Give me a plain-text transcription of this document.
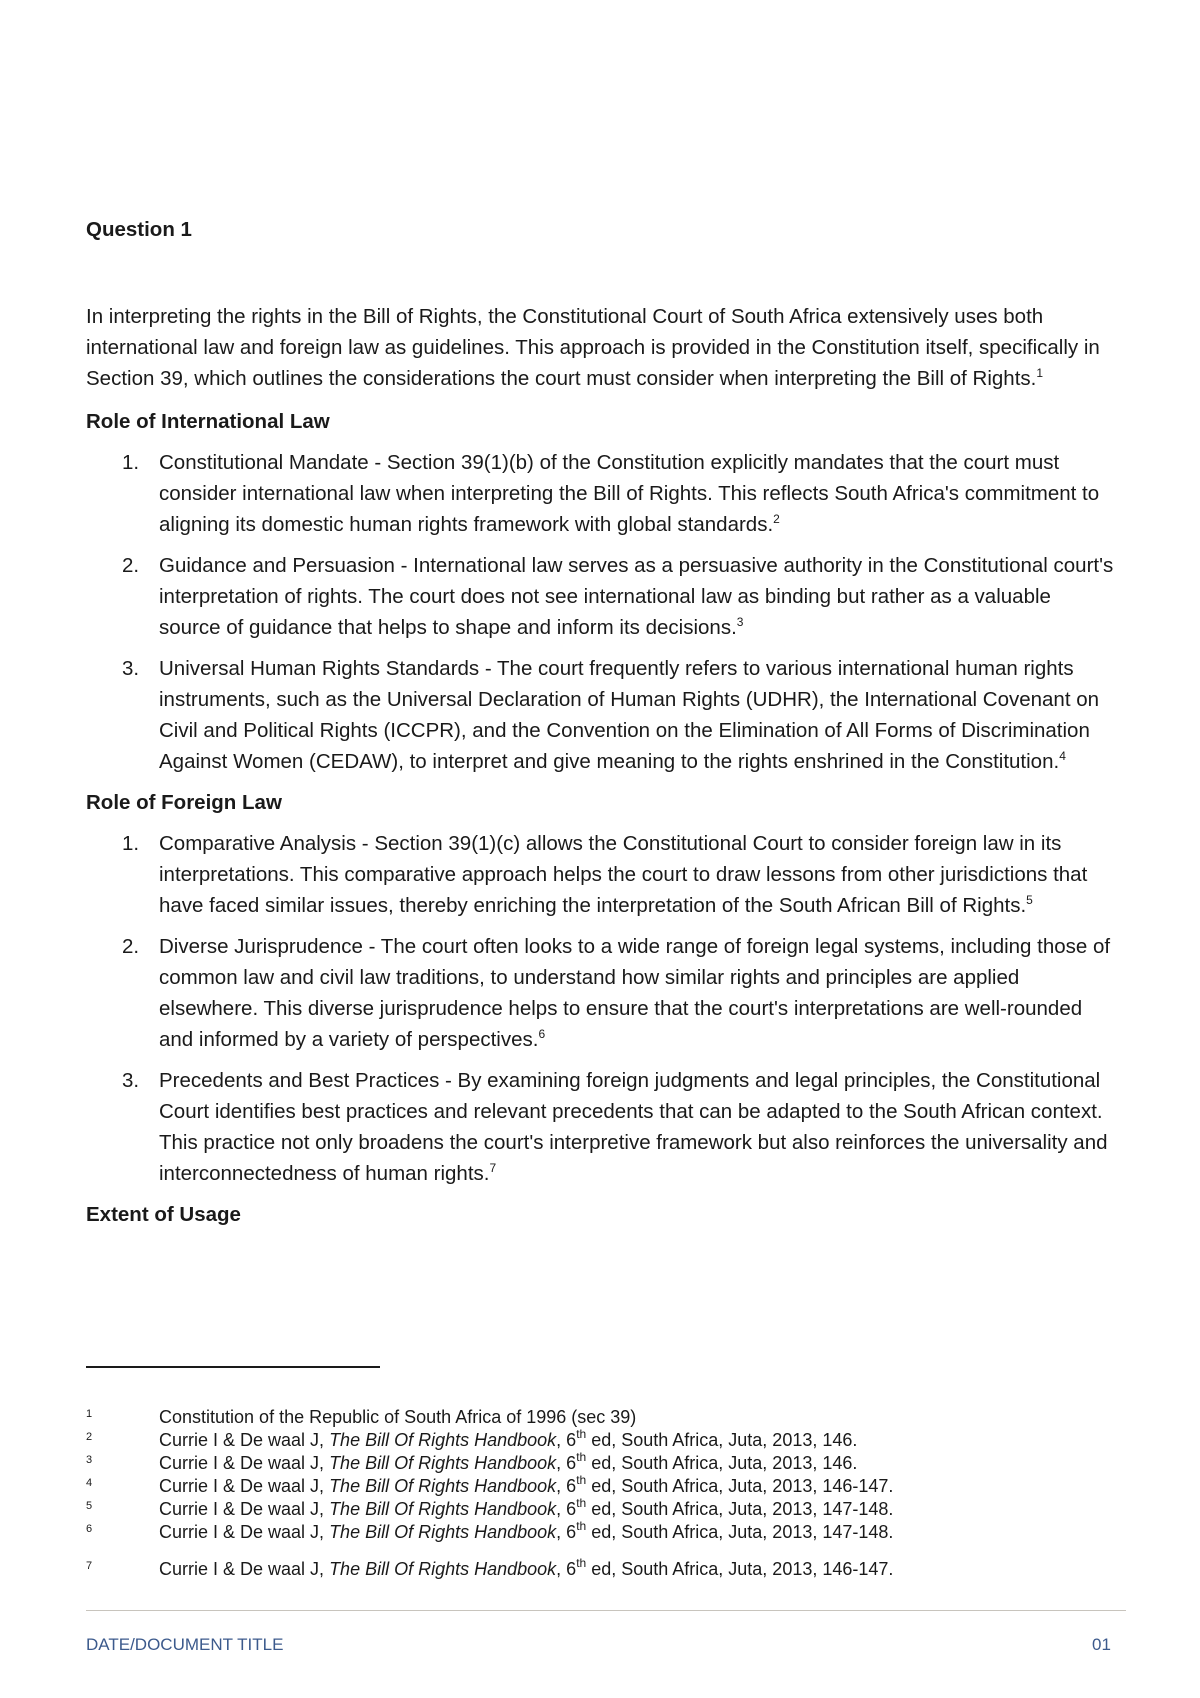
Question 1

In interpreting the rights in the Bill of Rights, the Constitutional Court of South Africa extensively uses both international law and foreign law as guidelines. This approach is provided in the Constitution itself, specifically in Section 39, which outlines the considerations the court must consider when interpreting the Bill of Rights.$^1$

Role of International Law

1. Constitutional Mandate - Section 39(1)(b) of the Constitution explicitly mandates that the court must consider international law when interpreting the Bill of Rights. This reflects South Africa's commitment to aligning its domestic human rights framework with global standards.$^2$
2. Guidance and Persuasion - International law serves as a persuasive authority in the Constitutional court's interpretation of rights. The court does not see international law as binding but rather as a valuable source of guidance that helps to shape and inform its decisions.$^3$
3. Universal Human Rights Standards - The court frequently refers to various international human rights instruments, such as the Universal Declaration of Human Rights (UDHR), the International Covenant on Civil and Political Rights (ICCPR), and the Convention on the Elimination of All Forms of Discrimination Against Women (CEDAW), to interpret and give meaning to the rights enshrined in the Constitution.$^4$

Role of Foreign Law

1. Comparative Analysis - Section 39(1)(c) allows the Constitutional Court to consider foreign law in its interpretations. This comparative approach helps the court to draw lessons from other jurisdictions that have faced similar issues, thereby enriching the interpretation of the South African Bill of Rights.$^5$
2. Diverse Jurisprudence - The court often looks to a wide range of foreign legal systems, including those of common law and civil law traditions, to understand how similar rights and principles are applied elsewhere. This diverse jurisprudence helps to ensure that the court's interpretations are well-rounded and informed by a variety of perspectives.$^6$
3. Precedents and Best Practices - By examining foreign judgments and legal principles, the Constitutional Court identifies best practices and relevant precedents that can be adapted to the South African context. This practice not only broadens the court's interpretive framework but also reinforces the universality and interconnectedness of human rights.$^7$

Extent of Usage

1	Constitution of the Republic of South Africa of 1996 (sec 39)
2	Currie I & De waal J, The Bill Of Rights Handbook, 6th ed, South Africa, Juta, 2013, 146.
3	Currie I & De waal J, The Bill Of Rights Handbook, 6th ed, South Africa, Juta, 2013, 146.
4	Currie I & De waal J, The Bill Of Rights Handbook, 6th ed, South Africa, Juta, 2013, 146-147.
5	Currie I & De waal J, The Bill Of Rights Handbook, 6th ed, South Africa, Juta, 2013, 147-148.
6	Currie I & De waal J, The Bill Of Rights Handbook, 6th ed, South Africa, Juta, 2013, 147-148.
7	Currie I & De waal J, The Bill Of Rights Handbook, 6th ed, South Africa, Juta, 2013, 146-147.
DATE/DOCUMENT TITLE	01
